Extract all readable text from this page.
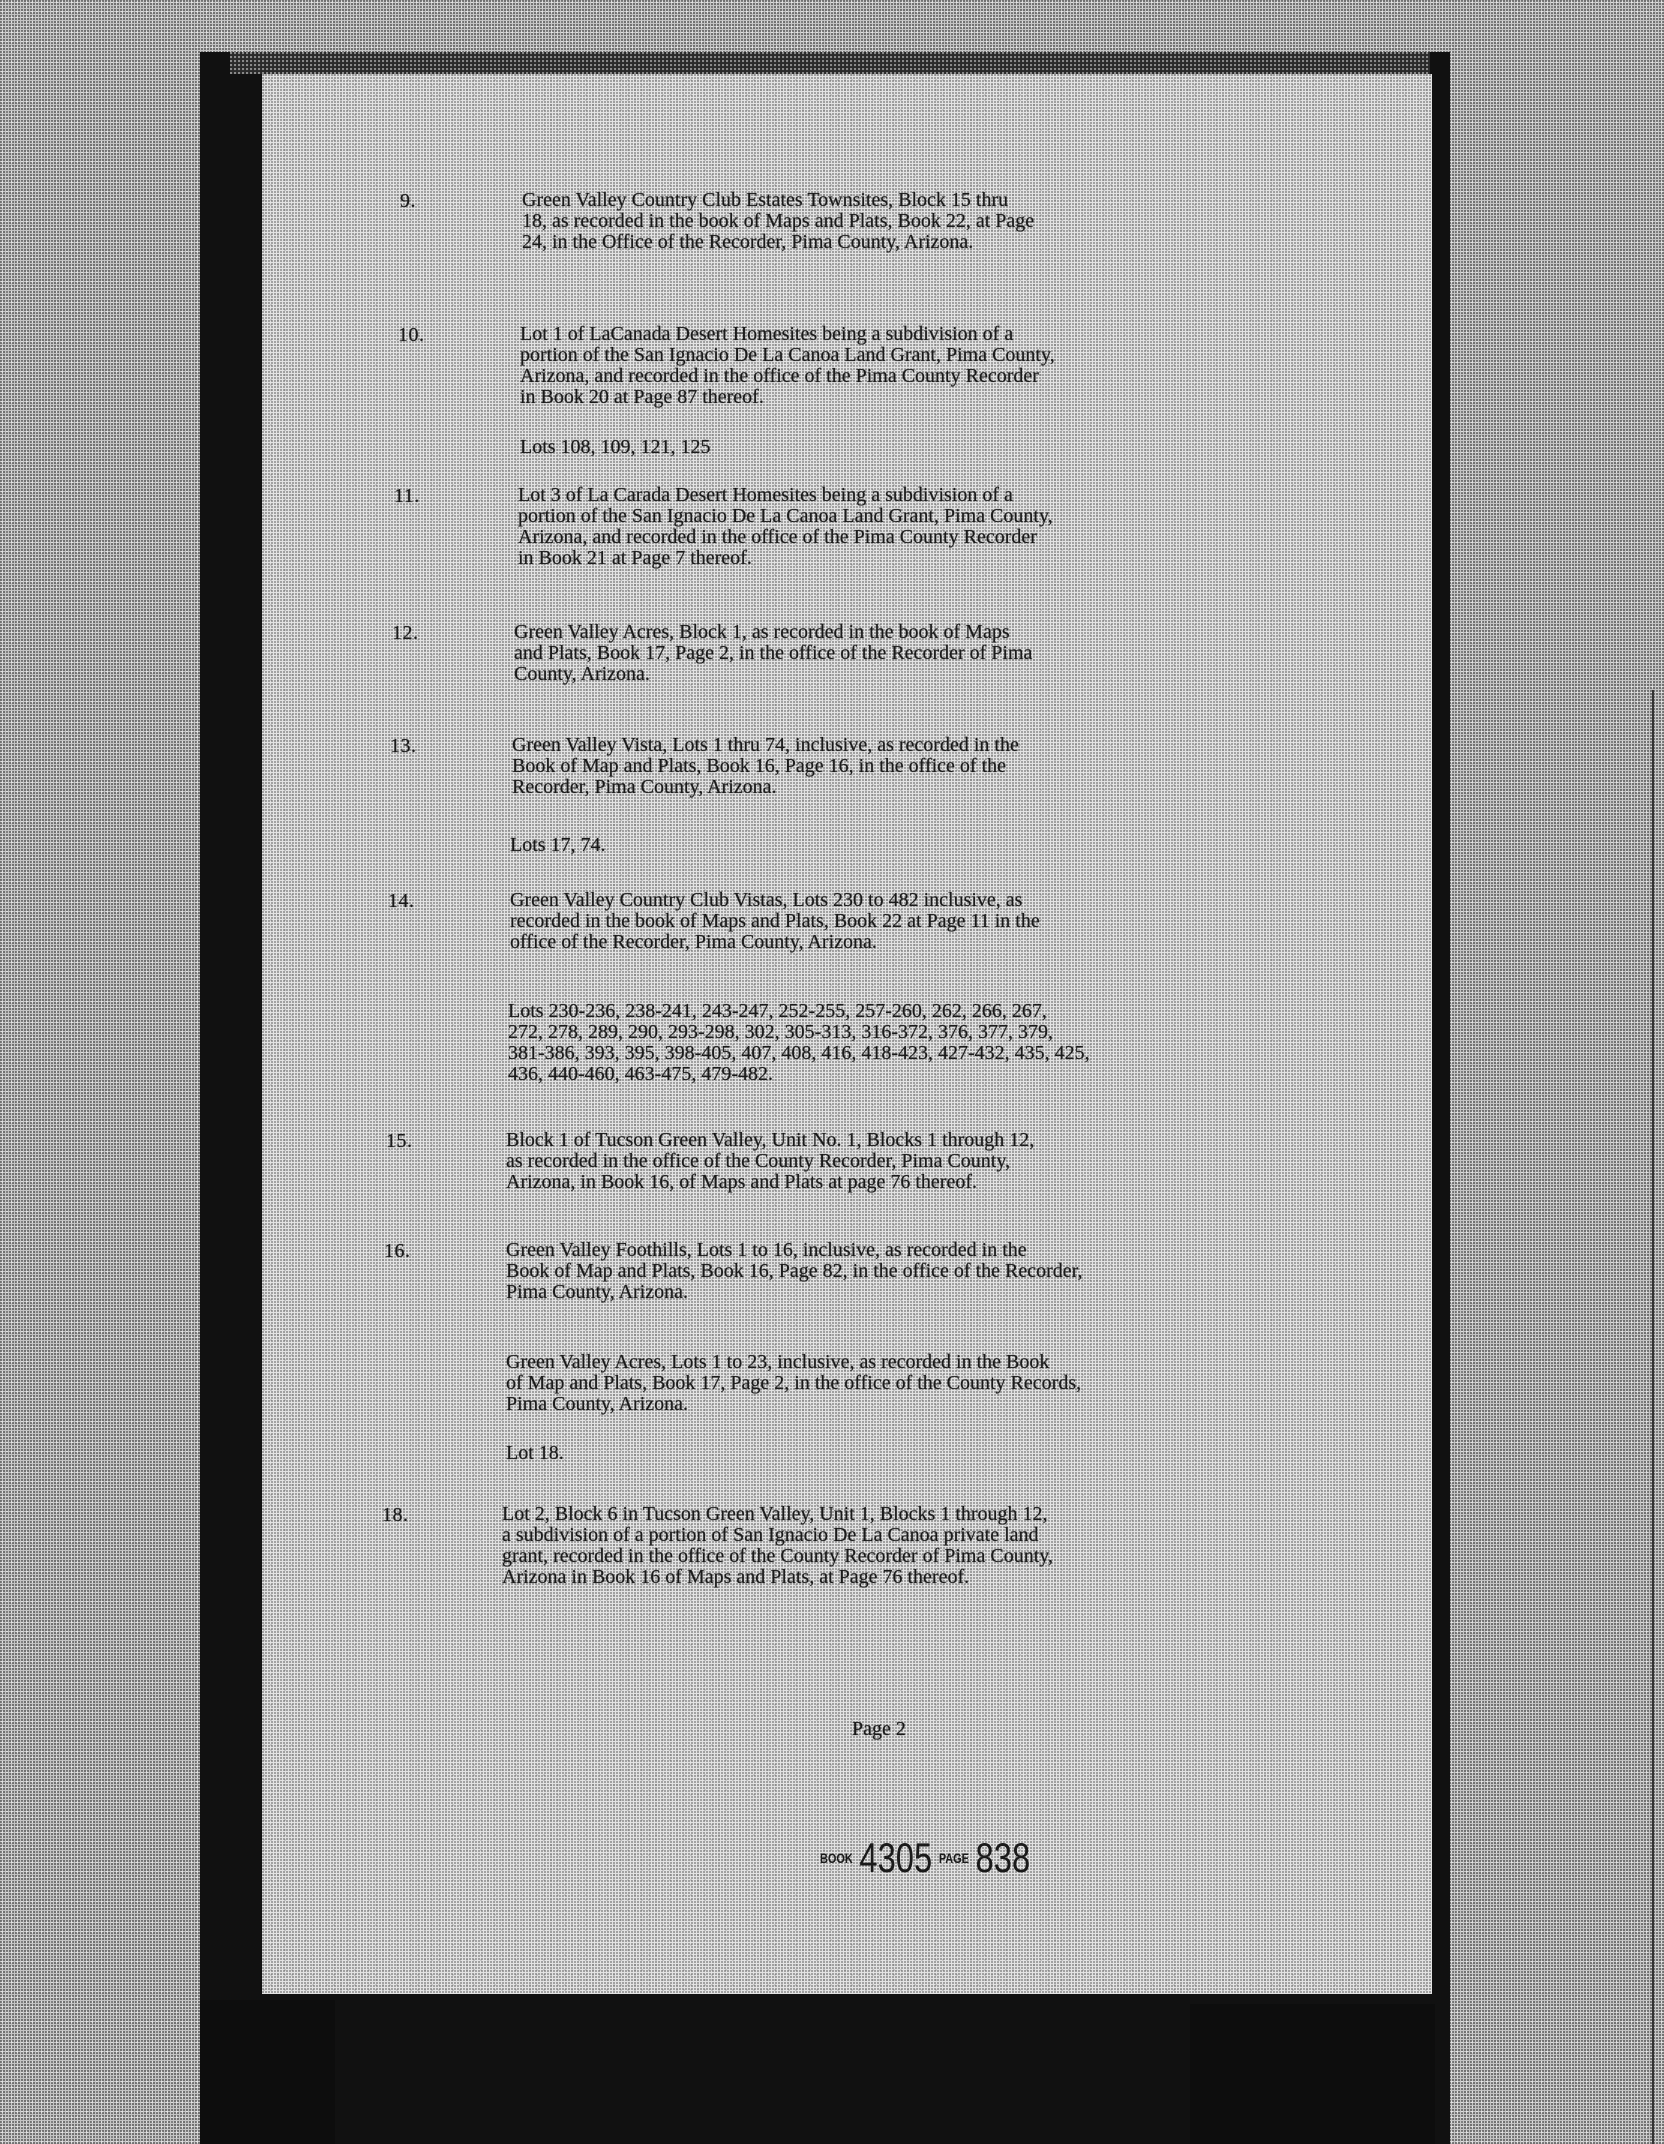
Page 2
BOOK 4305 PAGE 838
9.	Green Valley Country Club Estates Townsites, Block 15 thru
18, as recorded in the book of Maps and Plats, Book 22, at Page
24, in the Office of the Recorder, Pima County, Arizona.
10.	Lot 1 of LaCanada Desert Homesites being a subdivision of a
portion of the San Ignacio De La Canoa Land Grant, Pima County,
Arizona, and recorded in the office of the Pima County Recorder
in Book 20 at Page 87 thereof.
Lots 108, 109, 121, 125
11.	Lot 3 of La Carada Desert Homesites being a subdivision of a
portion of the San Ignacio De La Canoa Land Grant, Pima County,
Arizona, and recorded in the office of the Pima County Recorder
in Book 21 at Page 7 thereof.
12.	Green Valley Acres, Block 1, as recorded in the book of Maps
and Plats, Book 17, Page 2, in the office of the Recorder of Pima
County, Arizona.
13.	Green Valley Vista, Lots 1 thru 74, inclusive, as recorded in the
Book of Map and Plats, Book 16, Page 16, in the office of the
Recorder, Pima County, Arizona.
Lots 17, 74.
14.	Green Valley Country Club Vistas, Lots 230 to 482 inclusive, as
recorded in the book of Maps and Plats, Book 22 at Page 11 in the
office of the Recorder, Pima County, Arizona.
Lots 230-236, 238-241, 243-247, 252-255, 257-260, 262, 266, 267,
272, 278, 289, 290, 293-298, 302, 305-313, 316-372, 376, 377, 379,
381-386, 393, 395, 398-405, 407, 408, 416, 418-423, 427-432, 435, 425,
436, 440-460, 463-475, 479-482.
15.	Block 1 of Tucson Green Valley, Unit No. 1, Blocks 1 through 12,
as recorded in the office of the County Recorder, Pima County,
Arizona, in Book 16, of Maps and Plats at page 76 thereof.
16.	Green Valley Foothills, Lots 1 to 16, inclusive, as recorded in the
Book of Map and Plats, Book 16, Page 82, in the office of the Recorder,
Pima County, Arizona.
Green Valley Acres, Lots 1 to 23, inclusive, as recorded in the Book
of Map and Plats, Book 17, Page 2, in the office of the County Records,
Pima County, Arizona.
Lot 18.
18.	Lot 2, Block 6 in Tucson Green Valley, Unit 1, Blocks 1 through 12,
a subdivision of a portion of San Ignacio De La Canoa private land
grant, recorded in the office of the County Recorder of Pima County,
Arizona in Book 16 of Maps and Plats, at Page 76 thereof.
